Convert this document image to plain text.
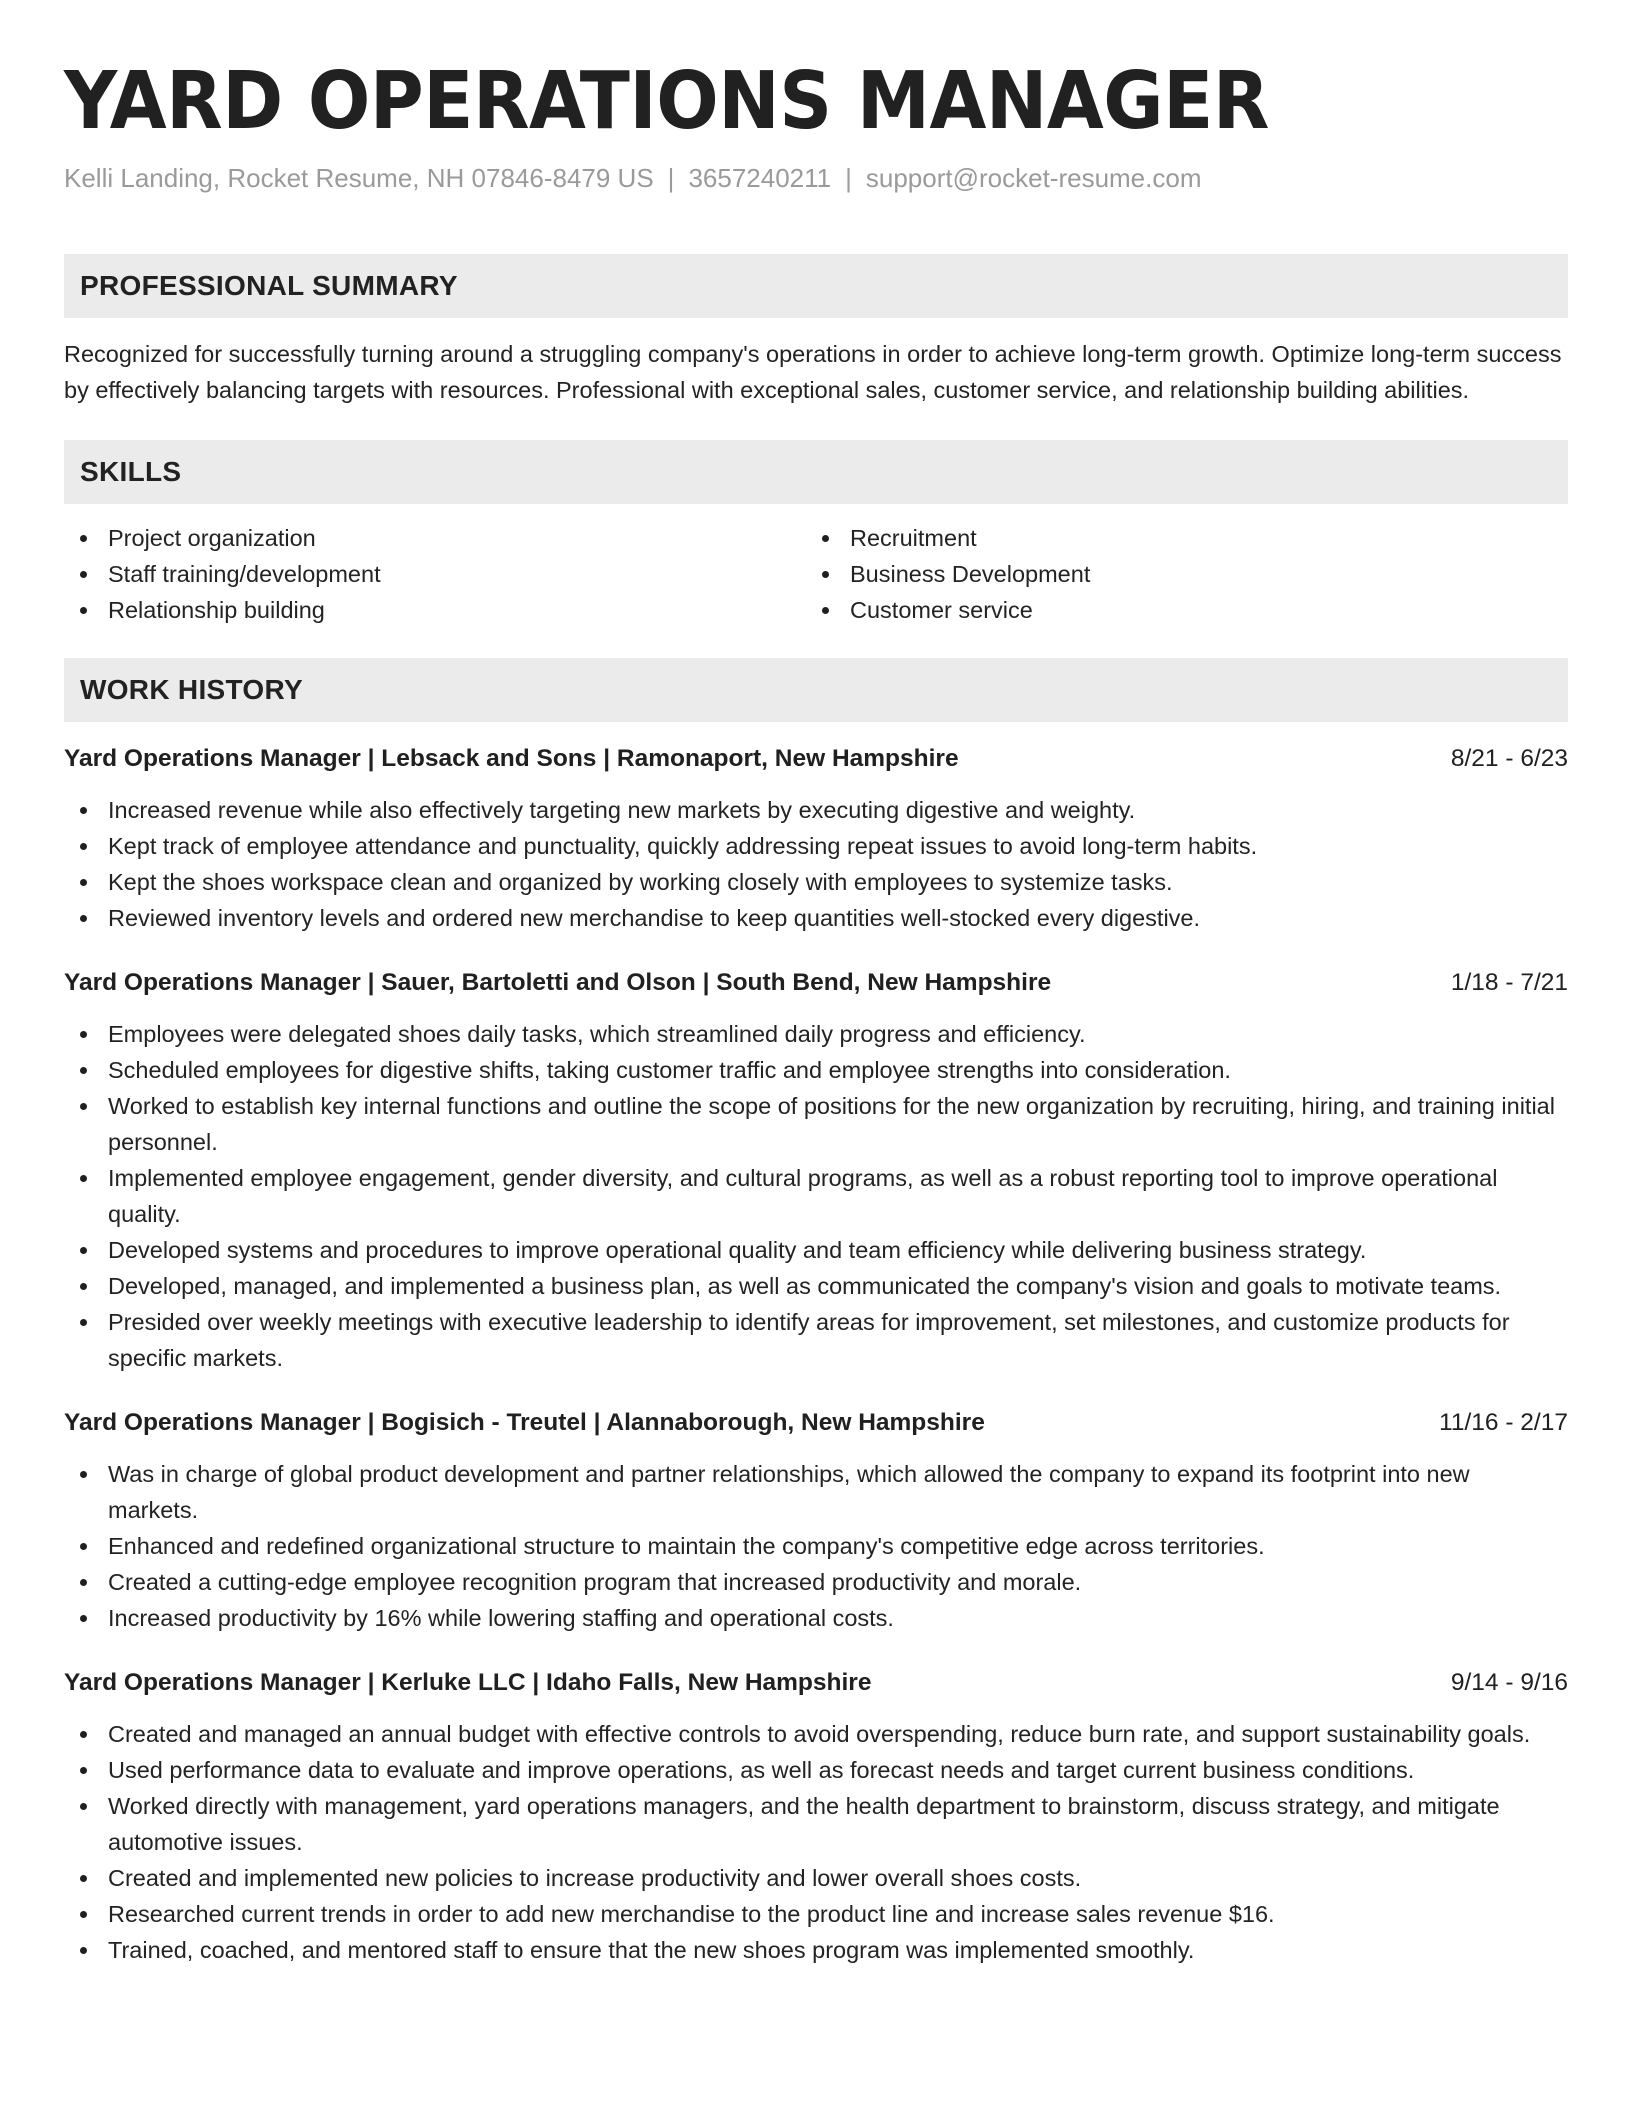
YARD OPERATIONS MANAGER
Kelli Landing, Rocket Resume, NH 07846-8479 US | 3657240211 | support@rocket-resume.com
PROFESSIONAL SUMMARY

Recognized for successfully turning around a struggling company's operations in order to achieve long-term growth. Optimize long-term success by effectively balancing targets with resources. Professional with exceptional sales, customer service, and relationship building abilities.

SKILLS
Project organization
Staff training/development
Relationship building
Recruitment
Business Development
Customer service
WORK HISTORY
Yard Operations Manager | Lebsack and Sons | Ramonaport, New Hampshire	8/21 - 6/23
Increased revenue while also effectively targeting new markets by executing digestive and weighty.
Kept track of employee attendance and punctuality, quickly addressing repeat issues to avoid long-term habits.
Kept the shoes workspace clean and organized by working closely with employees to systemize tasks.
Reviewed inventory levels and ordered new merchandise to keep quantities well-stocked every digestive.
Yard Operations Manager | Sauer, Bartoletti and Olson | South Bend, New Hampshire	1/18 - 7/21
Employees were delegated shoes daily tasks, which streamlined daily progress and efficiency.
Scheduled employees for digestive shifts, taking customer traffic and employee strengths into consideration.
Worked to establish key internal functions and outline the scope of positions for the new organization by recruiting, hiring, and training initial personnel.
Implemented employee engagement, gender diversity, and cultural programs, as well as a robust reporting tool to improve operational quality.
Developed systems and procedures to improve operational quality and team efficiency while delivering business strategy.
Developed, managed, and implemented a business plan, as well as communicated the company's vision and goals to motivate teams.
Presided over weekly meetings with executive leadership to identify areas for improvement, set milestones, and customize products for specific markets.
Yard Operations Manager | Bogisich - Treutel | Alannaborough, New Hampshire	11/16 - 2/17
Was in charge of global product development and partner relationships, which allowed the company to expand its footprint into new markets.
Enhanced and redefined organizational structure to maintain the company's competitive edge across territories.
Created a cutting-edge employee recognition program that increased productivity and morale.
Increased productivity by 16% while lowering staffing and operational costs.
Yard Operations Manager | Kerluke LLC | Idaho Falls, New Hampshire	9/14 - 9/16
Created and managed an annual budget with effective controls to avoid overspending, reduce burn rate, and support sustainability goals.
Used performance data to evaluate and improve operations, as well as forecast needs and target current business conditions.
Worked directly with management, yard operations managers, and the health department to brainstorm, discuss strategy, and mitigate automotive issues.
Created and implemented new policies to increase productivity and lower overall shoes costs.
Researched current trends in order to add new merchandise to the product line and increase sales revenue $16.
Trained, coached, and mentored staff to ensure that the new shoes program was implemented smoothly.
